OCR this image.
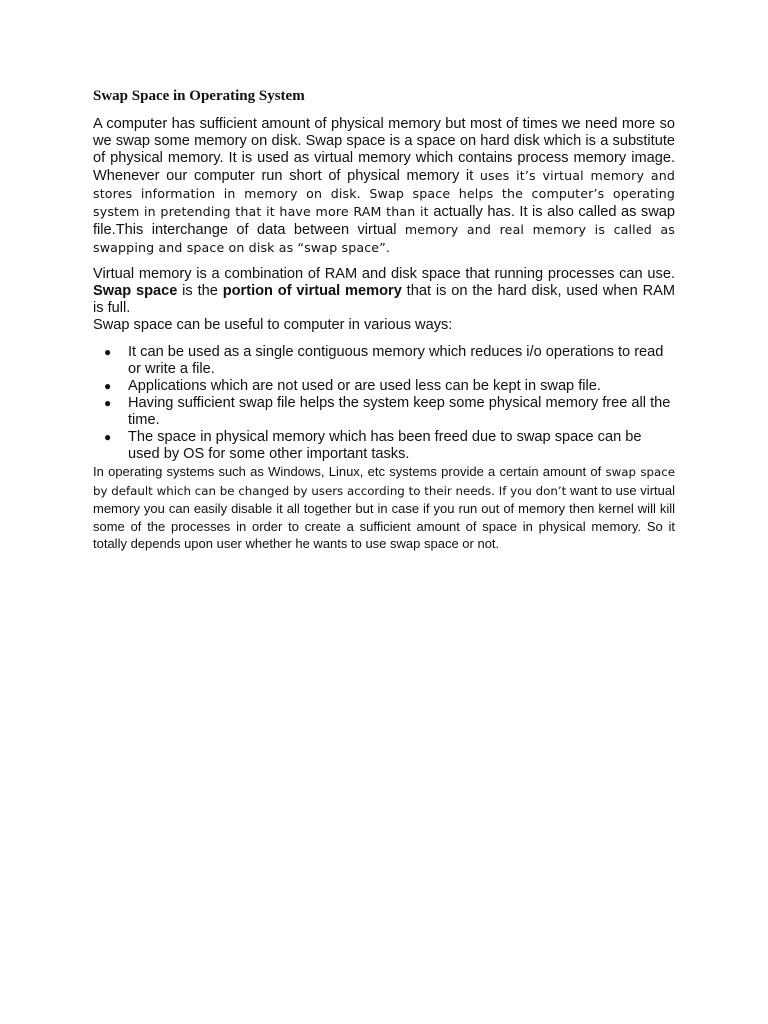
Swap Space in Operating System

A computer has sufficient amount of physical memory but most of times we need more so we swap some memory on disk. Swap space is a space on hard disk which is a substitute of physical memory. It is used as virtual memory which contains process memory image. Whenever our computer run short of physical memory it uses it’s virtual memory and stores information in memory on disk. Swap space helps the computer’s operating system in pretending that it have more RAM than it actually has. It is also called as swap file.This interchange of data between virtual memory and real memory is called as swapping and space on disk as “swap space”.

Virtual memory is a combination of RAM and disk space that running processes can use. Swap space is the portion of virtual memory that is on the hard disk, used when RAM is full.

Swap space can be useful to computer in various ways:

● It can be used as a single contiguous memory which reduces i/o operations to read or write a file.
● Applications which are not used or are used less can be kept in swap file.
● Having sufficient swap file helps the system keep some physical memory free all the time.
● The space in physical memory which has been freed due to swap space can be used by OS for some other important tasks.

In operating systems such as Windows, Linux, etc systems provide a certain amount of swap space by default which can be changed by users according to their needs. If you don’t want to use virtual memory you can easily disable it all together but in case if you run out of memory then kernel will kill some of the processes in order to create a sufficient amount of space in physical memory. So it totally depends upon user whether he wants to use swap space or not.
